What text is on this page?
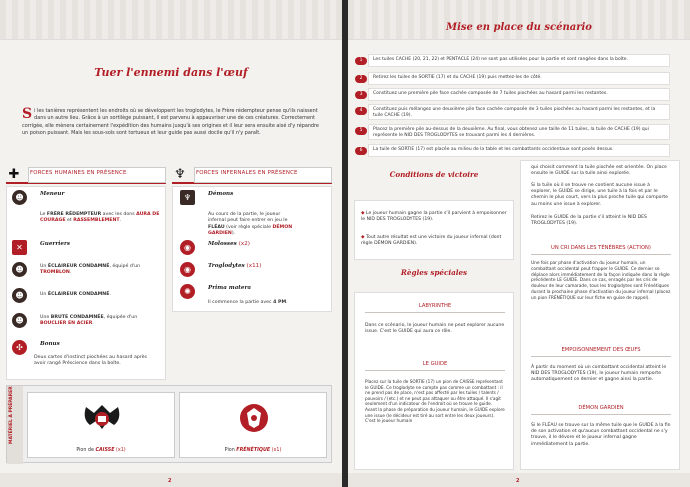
Tuer l'ennemi dans l'œuf
S i les tanières représentent les endroits où se développent les troglodytes, le Frère rédempteur pense qu'ils naissent dans un autre lieu. Grâce à un sortilège puissant, il est parvenu à appauvriser une de ces créatures. Correctement corrigée, elle mènera certainement l'expédition des humains jusqu'à ses origines et il leur sera ensuite aisé d'y répandre un poison puissant. Mais les sous-sols sont tortueux et leur guide pas aussi docile qu'il n'y paraît.
✚	FORCES HUMAINES EN PRÉSENCE	♆	FORCES INFERNALES EN PRÉSENCE
☻	Meneur
Le FRÈRE RÉDEMPTEUR avec les dons AURA DE COURAGE et RASSEMBLEMENT.
✕	Guerriers
☻	Un ÉCLAIREUR CONDAMNÉ, équipé d'un TROMBLON.
☻	Un ÉCLAIREUR CONDAMNÉ.
☻	Une BRUTE CONDAMNÉE, équipée d'un BOUCLIER EN ACIER.
✣	Bonus
Deux cartes d'instinct piochées au hasard après avoir rangé Préscience dans la boîte.
♆	Démons
Au cours de la partie, le joueur infernal peut faire entrer en jeu le FLÉAU (voir règle spéciale DÉMON GARDIEN).
◉	Molosses (x2)
◉	Troglodytes (x11)
✺	Prima matera
Il commence la partie avec 4 PM.
MATÉRIEL À PRÉPARER
Pion de CAISSE (x1)	Pion FRÉNÉTIQUE (x1)
2
Mise en place du scénario
1	Les tuiles CACHE (20, 21, 22) et PENTACLE (24) ne sont pas utilisées pour la partie et sont rangées dans la boîte.
2	Retirez les tuiles de SORTIE (17) et du CACHE (19) puis mettez-les de côté.
3	Constituez une première pile face cachée composée de 7 tuiles piochées au hasard parmi les restantes.
4	Constituez puis mélangez une deuxième pile face cachée composée de 3 tuiles piochées au hasard parmi les restantes, et la tuile CACHE (19).
5	Placez la première pile au-dessus de la deuxième. Au final, vous obtenez une taille de 11 tuiles, la tuile de CACHE (19) qui représente le NID DES TROGLODYTES se trouvant parmi les 4 dernières.
6	La tuile de SORTIE (17) est placée au milieu de la table et les combattants occidentaux sont posés dessus.
Conditions de victoire
◆ Le joueur humain gagne la partie s'il parvient à empoisonner le NID DES TROGLODYTES (19).
◆ Tout autre résultat est une victoire du joueur infernal (dont règle DÉMON GARDIEN).
Règles spéciales
LABYRINTHE
Dans ce scénario, le joueur humain ne peut explorer aucune issue. C'est le GUIDE qui aura ce rôle.
LE GUIDE
Placez sur la tuile de SORTIE (17) un pion de CAISSE représentant le GUIDE. Ce troglodyte ne compte pas comme un combattant : il ne prend pas de place, n'est pas affecté par les tuiles / talents / pouvoirs / (etc.) et ne peut pas attaquer ou être attaqué. Il s'agit seulement d'un indicateur de l'endroit où se trouve le guide. Avant la phase de préparation du joueur humain, le GUIDE explore une issue (le décideur est tiré au sort entre les deux joueurs). C'est le joueur humain
qui choisit comment la tuile piochée est orientée. On place ensuite le GUIDE sur la tuile ainsi explorée.
Si la tuile où il se trouve ne contient aucune issue à explorer, le GUIDE se dirige, une tuile à la fois et par le chemin le plus court, vers la plus proche tuile qui comporte au moins une issue à explorer.
Retirez le GUIDE de la partie s'il atteint le NID DES TROGLODYTES (19).
UN CRI DANS LES TÉNÈBRES (ACTION)
Une fois par phase d'activation du joueur humain, un combattant occidental peut frapper le GUIDE. Ce dernier se déplace alors immédiatement de la façon indiquée dans la règle précédente LE GUIDE. Dans ce cas, enragés par les cris de douleur de leur camarade, tous les troglodytes sont Frénétiques durant la prochaine phase d'activation du joueur infernal (placez un pion FRÉNÉTIQUE sur leur fiche en guise de rappel).
EMPOISONNEMENT DES ŒUFS
À partir du moment où un combattant occidental atteint le NID DES TROGLODYTES (19), le joueur humain remporte automatiquement ce dernier et gagne ainsi la partie.
DÉMON GARDIEN
Si le FLÉAU se trouve sur la même tuile que le GUIDE à la fin de son activation et qu'aucun combattant occidental ne s'y trouve, il le dévore et le joueur infernal gagne immédiatement la partie.
2
